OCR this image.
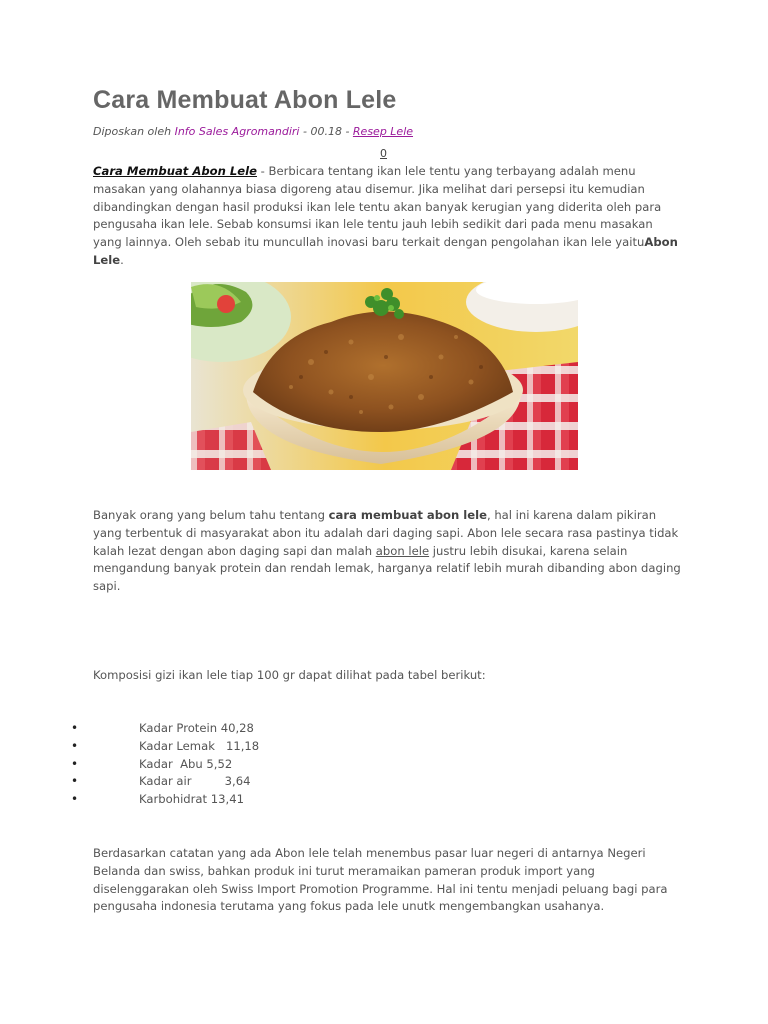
Cara Membuat Abon Lele
Diposkan oleh Info Sales Agromandiri - 00.18 - Resep Lele
0

Cara Membuat Abon Lele - Berbicara tentang ikan lele tentu yang terbayang adalah menu masakan yang olahannya biasa digoreng atau disemur. Jika melihat dari persepsi itu kemudian dibandingkan dengan hasil produksi ikan lele tentu akan banyak kerugian yang diderita oleh para pengusaha ikan lele. Sebab konsumsi ikan lele tentu jauh lebih sedikit dari pada menu masakan yang lainnya. Oleh sebab itu muncullah inovasi baru terkait dengan pengolahan ikan lele yaituAbon Lele.

Banyak orang yang belum tahu tentang cara membuat abon lele, hal ini karena dalam pikiran yang terbentuk di masyarakat abon itu adalah dari daging sapi. Abon lele secara rasa pastinya tidak kalah lezat dengan abon daging sapi dan malah abon lele justru lebih disukai, karena selain mengandung banyak protein dan rendah lemak, harganya relatif lebih murah dibanding abon daging sapi.

Komposisi gizi ikan lele tiap 100 gr dapat dilihat pada tabel berikut:

•	Kadar Protein 40,28
•	Kadar Lemak   11,18
•	Kadar  Abu 5,52
•	Kadar air         3,64
•	Karbohidrat 13,41

Berdasarkan catatan yang ada Abon lele telah menembus pasar luar negeri di antarnya Negeri Belanda dan swiss, bahkan produk ini turut meramaikan pameran produk import yang diselenggarakan oleh Swiss Import Promotion Programme. Hal ini tentu menjadi peluang bagi para pengusaha indonesia terutama yang fokus pada lele unutk mengembangkan usahanya.
